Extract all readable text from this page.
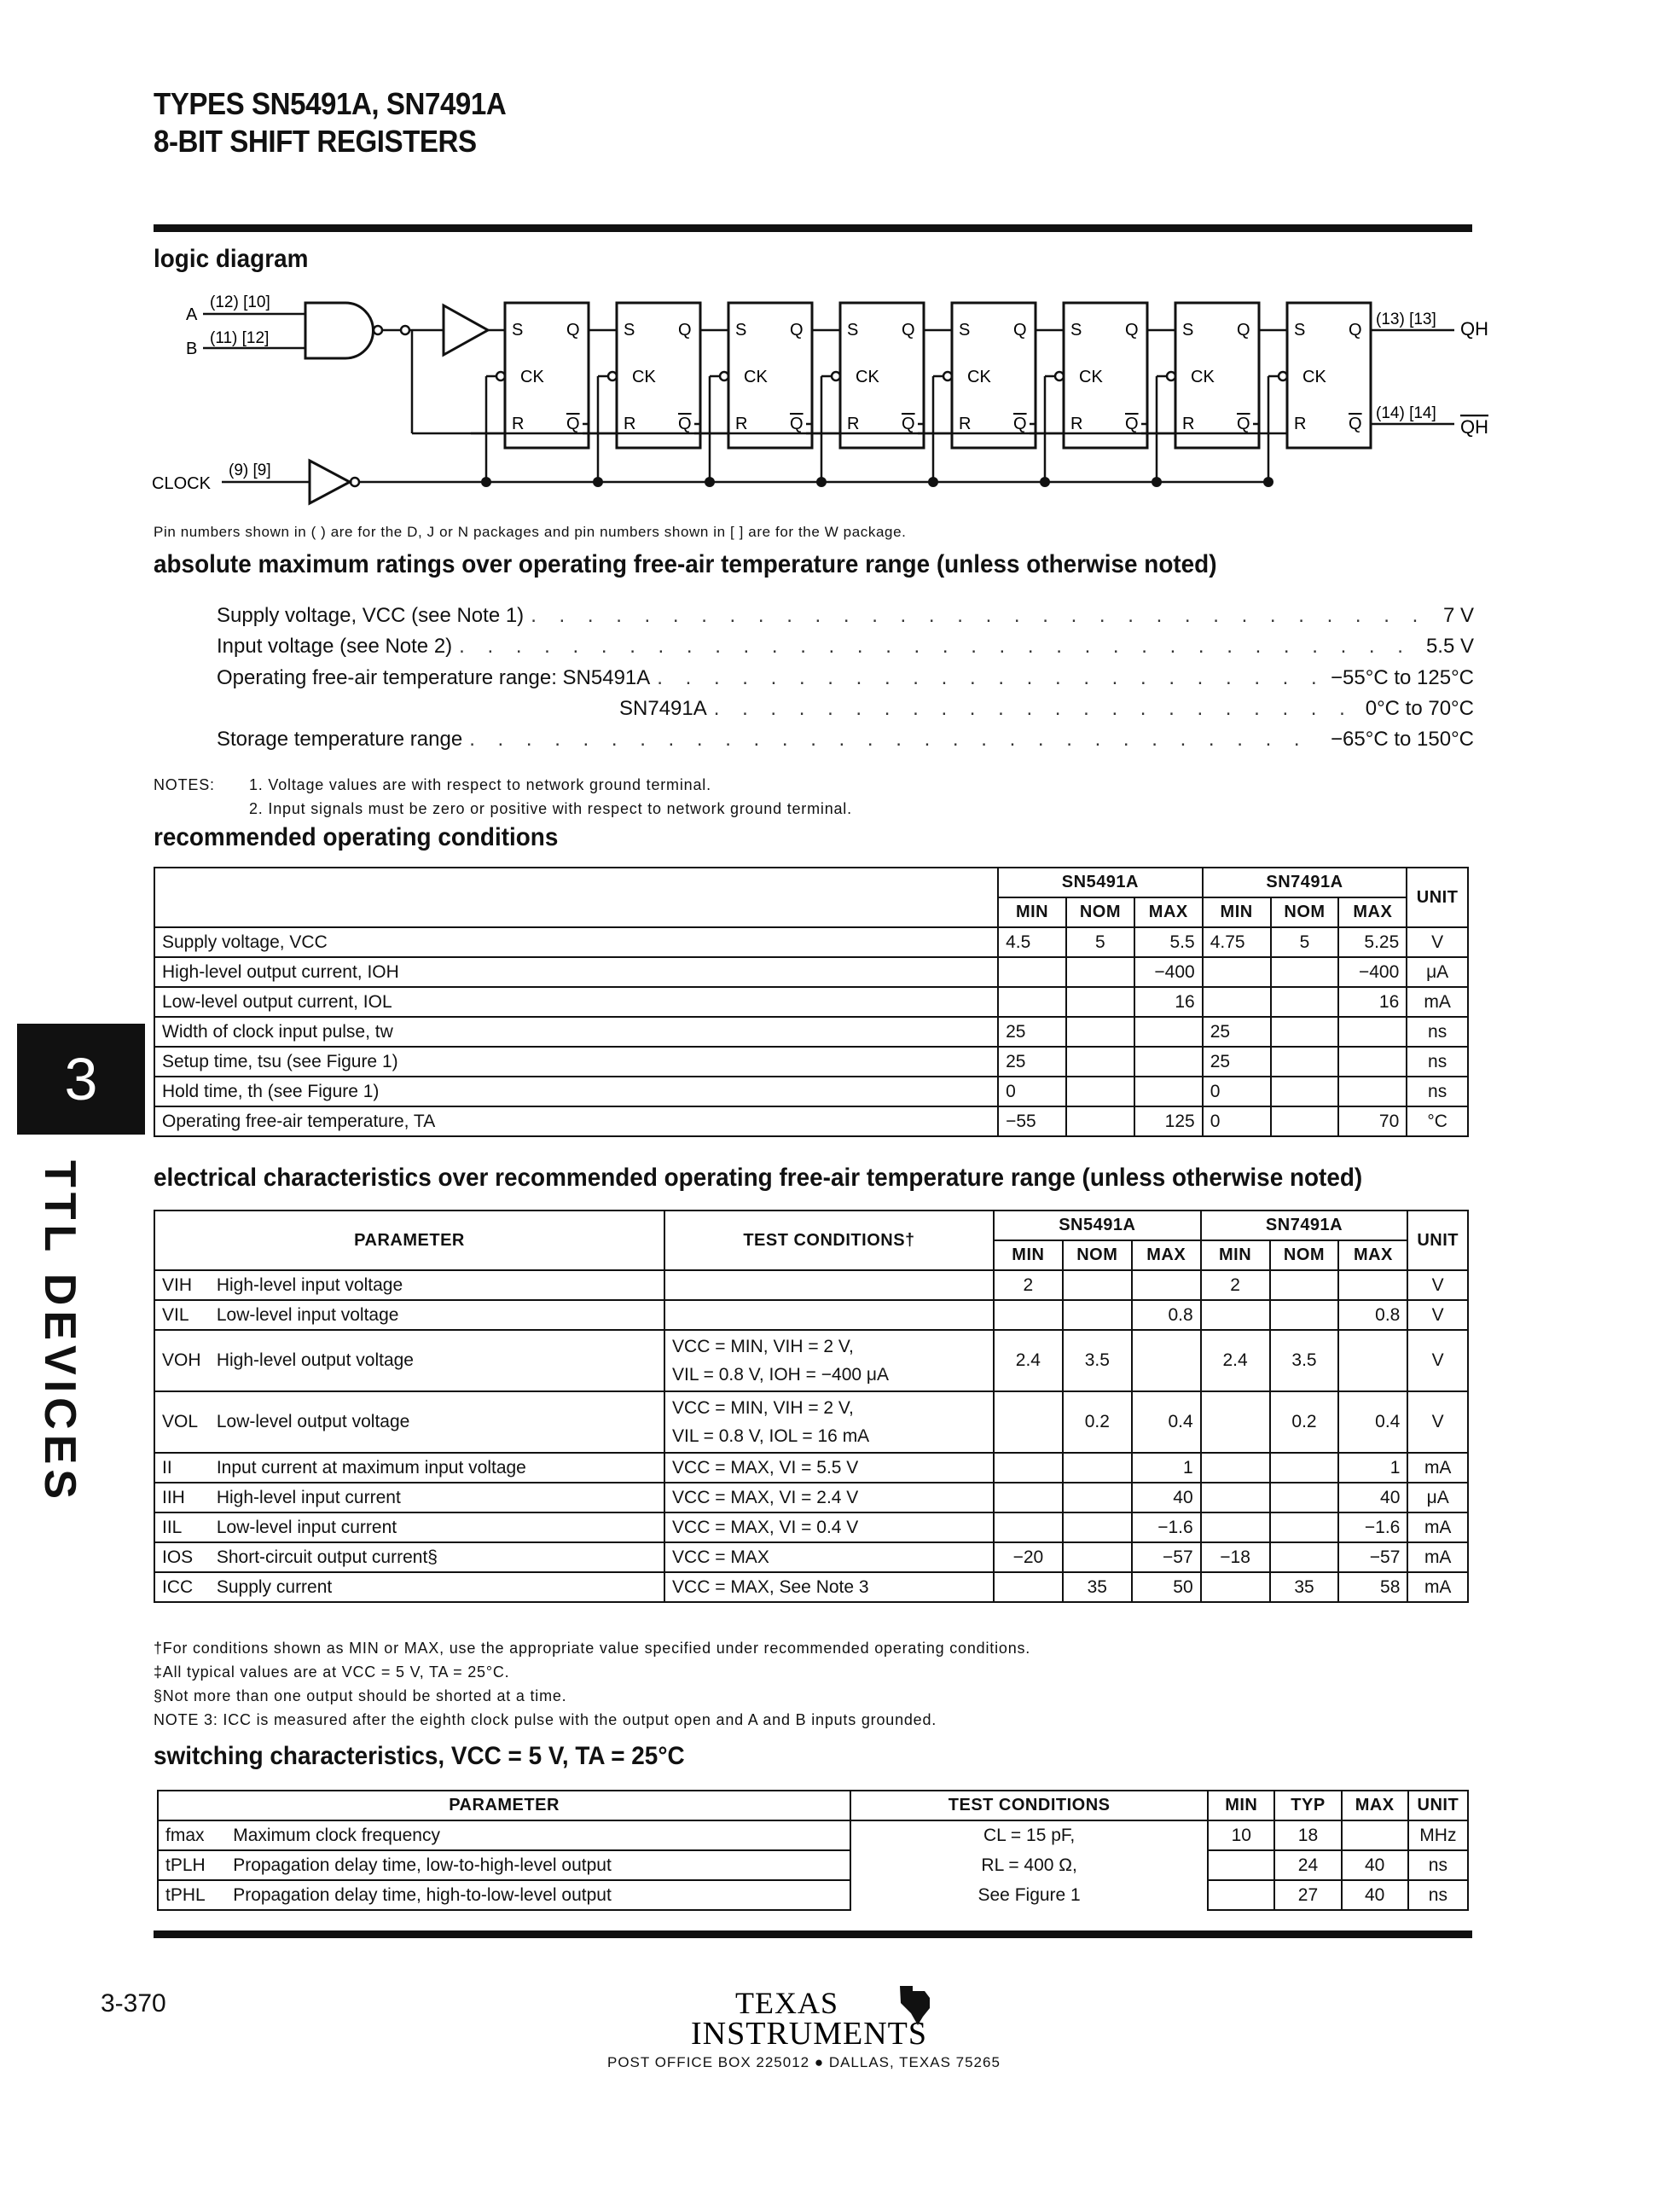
TYPES SN5491A, SN7491A
8-BIT SHIFT REGISTERS
logic diagram
A
B
(12) [10]
(11) [12]	S	Q
CK
R Q
S	Q
CK
R Q
S	Q
CK
R Q
S	Q
CK
R Q
S	Q
CK
R Q
S	Q
CK
R Q
S	Q
CK
R Q
S	Q
CK
R Q
CLOCK
(9) [9]
(13) [13]
(14) [14]
QH
QH
Pin numbers shown in ( ) are for the D, J or N packages and pin numbers shown in [ ] are for the W package.
absolute maximum ratings over operating free-air temperature range (unless otherwise noted)
Supply voltage, VCC (see Note 1) . . .	7 V
Input voltage (see Note 2) . . .	5.5 V
Operating free-air temperature range: SN5491A . . .	−55°C to 125°C
SN7491A . . .	0°C to 70°C
Storage temperature range . . .	−65°C to 150°C
NOTES: 1. Voltage values are with respect to network ground terminal.
2. Input signals must be zero or positive with respect to network ground terminal.
recommended operating conditions
	SN5491A			SN7491A			UNIT
	MIN	NOM	MAX	MIN	NOM	MAX	
Supply voltage, VCC	4.5	5	5.5	4.75	5	5.25	V
High-level output current, IOH			−400			−400	μA
Low-level output current, IOL			16			16	mA
Width of clock input pulse, tw	25			25			ns
Setup time, tsu (see Figure 1)	25			25			ns
Hold time, th (see Figure 1)	0			0			ns
Operating free-air temperature, TA	−55		125	0		70	°C
3
TTL DEVICES	electrical characteristics over recommended operating free-air temperature range (unless otherwise noted)
PARAMETER		TEST CONDITIONS†	SN5491A			SN7491A			UNIT
			MIN	NOM	MAX	MIN	NOM	MAX	
VIH	High-level input voltage		2			2			V
VIL	Low-level input voltage				0.8			0.8	V
VOH	High-level output voltage	VCC = MIN, VIH = 2 V,
VIL = 0.8 V, IOH = −400 μA	2.4	3.5		2.4	3.5		V
VOL	Low-level output voltage	VCC = MIN, VIH = 2 V,
VIL = 0.8 V, IOL = 16 mA		0.2	0.4		0.2	0.4	V
II	Input current at maximum input voltage	VCC = MAX, VI = 5.5 V			1			1	mA
IIH	High-level input current	VCC = MAX, VI = 2.4 V			40			40	μA
IIL	Low-level input current	VCC = MAX, VI = 0.4 V			−1.6			−1.6	mA
IOS	Short-circuit output current§	VCC = MAX	−20		−57	−18		−57	mA
ICC	Supply current	VCC = MAX, See Note 3		35	50		35	58	mA
†For conditions shown as MIN or MAX, use the appropriate value specified under recommended operating conditions.
‡All typical values are at VCC = 5 V, TA = 25°C.
§Not more than one output should be shorted at a time.
NOTE 3: ICC is measured after the eighth clock pulse with the output open and A and B inputs grounded.
switching characteristics, VCC = 5 V, TA = 25°C
PARAMETER		TEST CONDITIONS	MIN	TYP	MAX	UNIT
fmax	Maximum clock frequency	CL = 15 pF,	10	18		MHz
tPLH	Propagation delay time, low-to-high-level output	RL = 400 Ω,		24	40	ns
tPHL	Propagation delay time, high-to-low-level output	See Figure 1		27	40	ns
3-370	TEXAS
INSTRUMENTS
POST OFFICE BOX 225012 ● DALLAS, TEXAS 75265
